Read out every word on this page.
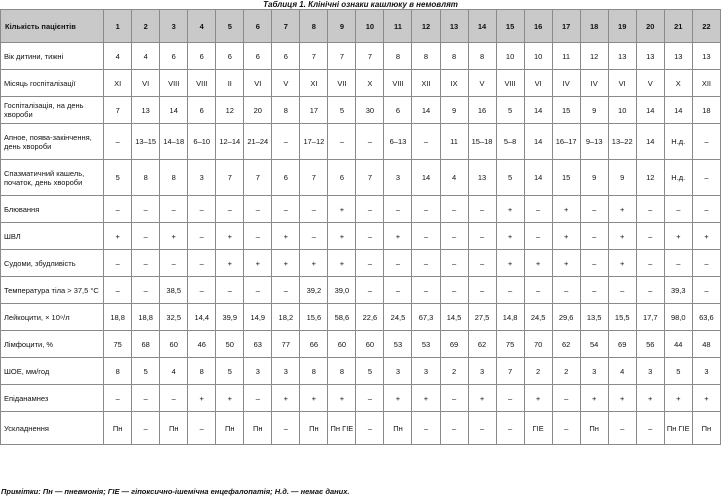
Таблиця 1. Клінічні ознаки кашлюку в немовлят
Кількість пацієнтів	1	2	3	4	5	6	7	8	9	10	11	12	13	14	15	16	17	18	19	20	21	22
Вік дитини, тижні	4	4	6	6	6	6	6	7	7	7	8	8	8	8	10	10	11	12	13	13	13	13
Місяць госпіталізації	XI	VI	VIII	VIII	II	VI	V	XI	VII	X	VIII	XII	IX	V	VIII	VI	IV	IV	VI	V	X	XII
Госпіталізація, на день хвороби	7	13	14	6	12	20	8	17	5	30	6	14	9	16	5	14	15	9	10	14	14	18
Апное, поява-закінчення, день хвороби	–	13–15	14–18	6–10	12–14	21–24	–	17–12	–	–	6–13	–	11	15–18	5–8	14	16–17	9–13	13–22	14	Н.д.	–
Спазматичний кашель, початок, день хвороби	5	8	8	3	7	7	6	7	6	7	3	14	4	13	5	14	15	9	9	12	Н.д.	–
Блювання	–	–	–	–	–	–	–	–	+	–	–	–	–	–	+	–	+	–	+	–	–	–
ШВЛ	+	–	+	–	+	–	+	–	+	–	+	–	–	–	+	–	+	–	+	–	+	+
Судоми, збудливість	–	–	–	–	+	+	+	+	+	–	–	–	–	–	+	+	+	–	+	–	–	–
Температура тіла > 37,5 °С	–	–	38,5	–	–	–	–	39,2	39,0	–	–	–	–	–	–	–	–	–	–	–	39,3	–
Лейкоцити, × 10⁹/л	18,8	18,8	32,5	14,4	39,9	14,9	18,2	15,6	58,6	22,6	24,5	67,3	14,5	27,5	14,8	24,5	29,6	13,5	15,5	17,7	98,0	63,6
Лімфоцити, %	75	68	60	46	50	63	77	66	60	60	53	53	69	62	75	70	62	54	69	56	44	48
ШОЕ, мм/год	8	5	4	8	5	3	3	8	8	5	3	3	2	3	7	2	2	3	4	3	5	3
Епіданамнез	–	–	–	+	+	–	+	+	+	–	+	+	–	+	–	+	–	+	+	+	+	+
Ускладнення	Пн	–	Пн	–	Пн	Пн	–	Пн	Пн ГІЕ	–	Пн	–	–	–	–	ГІЕ	–	Пн	–	–	Пн ГІЕ	Пн
Примітки: Пн — пневмонія; ГІЕ — гіпоксично-ішемічна енцефалопатія; Н.д. — немає даних.
